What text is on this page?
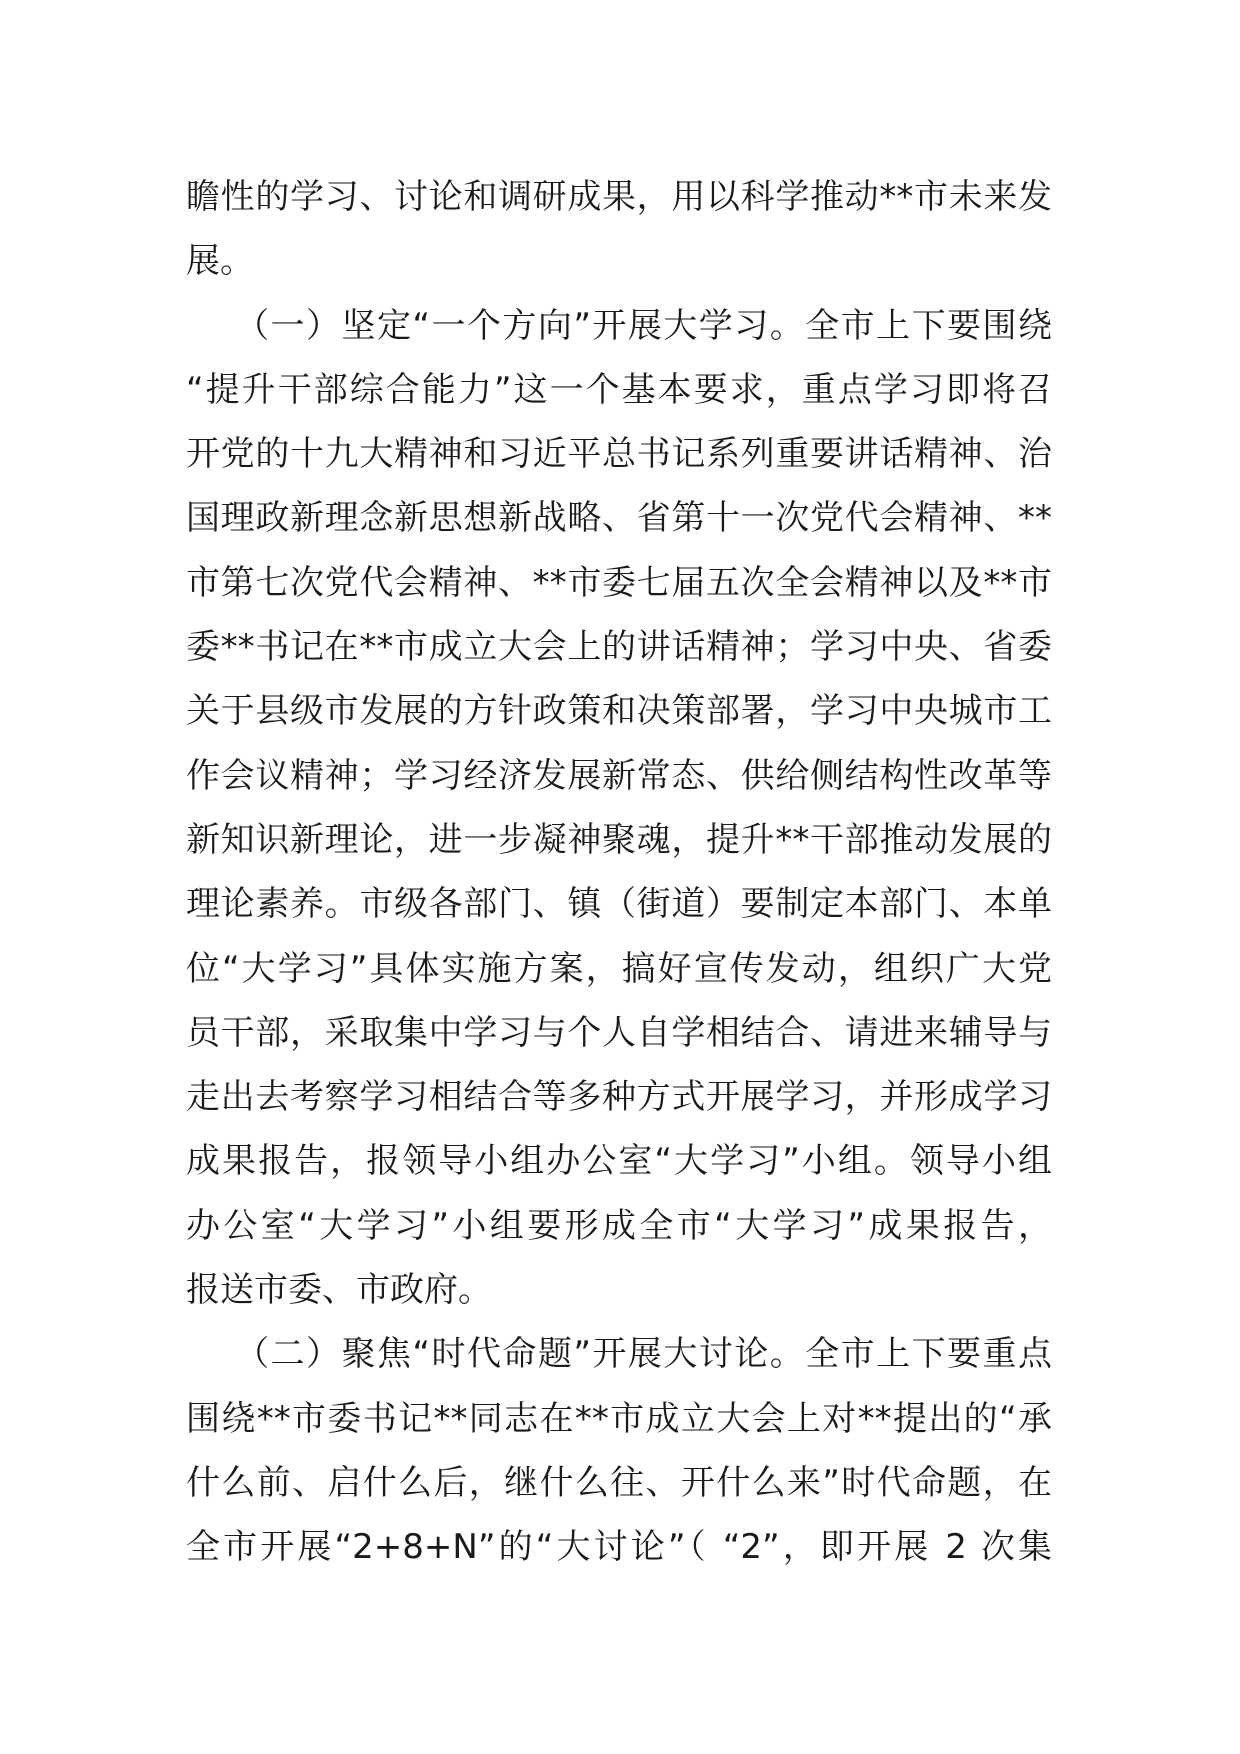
瞻性的学习、讨论和调研成果，用以科学推动**市未来发
展。
（一）坚定“一个方向”开展大学习。全市上下要围绕
“提升干部综合能力”这一个基本要求，重点学习即将召
开党的十九大精神和习近平总书记系列重要讲话精神、治
国理政新理念新思想新战略、省第十一次党代会精神、**
市第七次党代会精神、**市委七届五次全会精神以及**市
委**书记在**市成立大会上的讲话精神；学习中央、省委
关于县级市发展的方针政策和决策部署，学习中央城市工
作会议精神；学习经济发展新常态、供给侧结构性改革等
新知识新理论，进一步凝神聚魂，提升**干部推动发展的
理论素养。市级各部门、镇（街道）要制定本部门、本单
位“大学习”具体实施方案，搞好宣传发动，组织广大党
员干部，采取集中学习与个人自学相结合、请进来辅导与
走出去考察学习相结合等多种方式开展学习，并形成学习
成果报告，报领导小组办公室“大学习”小组。领导小组
办公室“大学习”小组要形成全市“大学习”成果报告，
报送市委、市政府。
（二）聚焦“时代命题”开展大讨论。全市上下要重点
围绕**市委书记**同志在**市成立大会上对**提出的“承
什么前、启什么后，继什么往、开什么来”时代命题，在
全市开展“2+8+N”的“大讨论”（ “2”，即开展 2 次集
